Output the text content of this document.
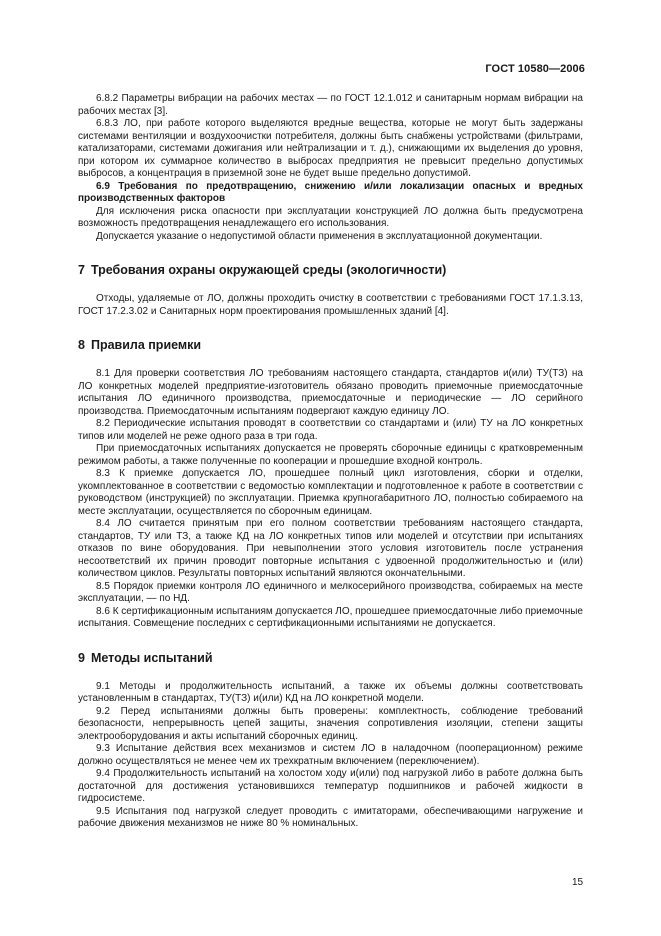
ГОСТ 10580—2006

6.8.2 Параметры вибрации на рабочих местах — по ГОСТ 12.1.012 и санитарным нормам вибрации на рабочих местах [3].

6.8.3 ЛО, при работе которого выделяются вредные вещества, которые не могут быть задержаны системами вентиляции и воздухоочистки потребителя, должны быть снабжены устройствами (фильтрами, катализаторами, системами дожигания или нейтрализации и т. д.), снижающими их выделения до уровня, при котором их суммарное количество в выбросах предприятия не превысит предельно допустимых выбросов, а концентрация в приземной зоне не будет выше предельно допустимой.

6.9 Требования по предотвращению, снижению и/или локализации опасных и вредных производственных факторов

Для исключения риска опасности при эксплуатации конструкцией ЛО должна быть предусмотрена возможность предотвращения ненадлежащего его использования.

Допускается указание о недопустимой области применения в эксплуатационной документации.

7 Требования охраны окружающей среды (экологичности)

Отходы, удаляемые от ЛО, должны проходить очистку в соответствии с требованиями ГОСТ 17.1.3.13, ГОСТ 17.2.3.02 и Санитарных норм проектирования промышленных зданий [4].

8 Правила приемки

8.1 Для проверки соответствия ЛО требованиям настоящего стандарта, стандартов и(или) ТУ(ТЗ) на ЛО конкретных моделей предприятие-изготовитель обязано проводить приемочные приемосдаточные испытания ЛО единичного производства, приемосдаточные и периодические — ЛО серийного производства. Приемосдаточным испытаниям подвергают каждую единицу ЛО.

8.2 Периодические испытания проводят в соответствии со стандартами и (или) ТУ на ЛО конкретных типов или моделей не реже одного раза в три года.

При приемосдаточных испытаниях допускается не проверять сборочные единицы с кратковременным режимом работы, а также полученные по кооперации и прошедшие входной контроль.

8.3 К приемке допускается ЛО, прошедшее полный цикл изготовления, сборки и отделки, укомплектованное в соответствии с ведомостью комплектации и подготовленное к работе в соответствии с руководством (инструкцией) по эксплуатации. Приемка крупногабаритного ЛО, полностью собираемого на месте эксплуатации, осуществляется по сборочным единицам.

8.4 ЛО считается принятым при его полном соответствии требованиям настоящего стандарта, стандартов, ТУ или ТЗ, а также КД на ЛО конкретных типов или моделей и отсутствии при испытаниях отказов по вине оборудования. При невыполнении этого условия изготовитель после устранения несоответствий их причин проводит повторные испытания с удвоенной продолжительностью и (или) количеством циклов. Результаты повторных испытаний являются окончательными.

8.5 Порядок приемки контроля ЛО единичного и мелкосерийного производства, собираемых на месте эксплуатации, — по НД.

8.6 К сертификационным испытаниям допускается ЛО, прошедшее приемосдаточные либо приемочные испытания. Совмещение последних с сертификационными испытаниями не допускается.

9 Методы испытаний

9.1 Методы и продолжительность испытаний, а также их объемы должны соответствовать установленным в стандартах, ТУ(ТЗ) и(или) КД на ЛО конкретной модели.

9.2 Перед испытаниями должны быть проверены: комплектность, соблюдение требований безопасности, непрерывность цепей защиты, значения сопротивления изоляции, степени защиты электрооборудования и акты испытаний сборочных единиц.

9.3 Испытание действия всех механизмов и систем ЛО в наладочном (пооперационном) режиме должно осуществляться не менее чем их трехкратным включением (переключением).

9.4 Продолжительность испытаний на холостом ходу и(или) под нагрузкой либо в работе должна быть достаточной для достижения установившихся температур подшипников и рабочей жидкости в гидросистеме.

9.5 Испытания под нагрузкой следует проводить с имитаторами, обеспечивающими нагружение и рабочие движения механизмов не ниже 80 % номинальных.

15
